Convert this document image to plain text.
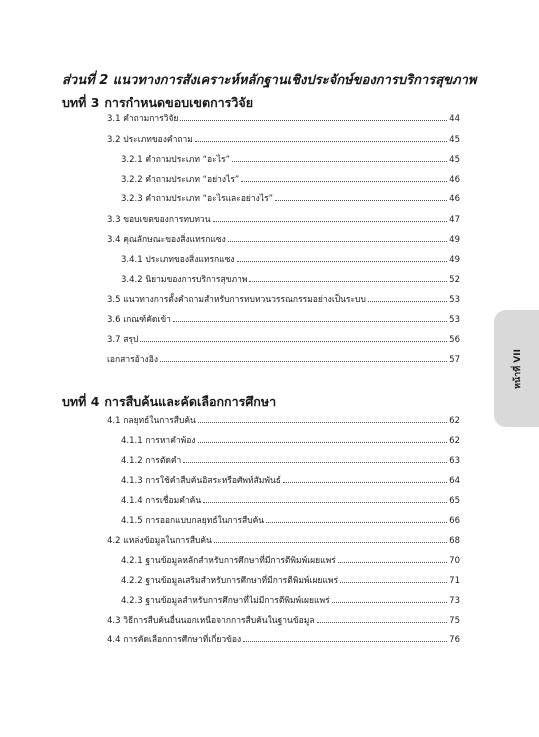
ส่วนที่ 2 แนวทางการสังเคราะห์หลักฐานเชิงประจักษ์ของการบริการสุขภาพ
บทที่ 3 การกำหนดขอบเขตการวิจัย
บทที่ 4 การสืบค้นและคัดเลือกการศึกษา
3.1 คำถามการวิจัย	44
3.2 ประเภทของคำถาม	45
3.2.1 คำถามประเภท “อะไร”	45
3.2.2 คำถามประเภท “อย่างไร”	46
3.2.3 คำถามประเภท “อะไรและอย่างไร”	46
3.3 ขอบเขตของการทบทวน	47
3.4 คุณลักษณะของสิ่งแทรกแซง	49
3.4.1 ประเภทของสิ่งแทรกแซง	49
3.4.2 นิยามของการบริการสุขภาพ	52
3.5 แนวทางการตั้งคำถามสำหรับการทบทวนวรรณกรรมอย่างเป็นระบบ	53
3.6 เกณฑ์คัดเข้า	53
3.7 สรุป	56
เอกสารอ้างอิง	57
4.1 กลยุทธ์ในการสืบค้น	62
4.1.1 การหาคำพ้อง	62
4.1.2 การตัดคำ	63
4.1.3 การใช้คำสืบค้นอิสระหรือศัพท์สัมพันธ์	64
4.1.4 การเชื่อมคำค้น	65
4.1.5 การออกแบบกลยุทธ์ในการสืบค้น	66
4.2 แหล่งข้อมูลในการสืบค้น	68
4.2.1 ฐานข้อมูลหลักสำหรับการศึกษาที่มีการตีพิมพ์เผยแพร่	70
4.2.2 ฐานข้อมูลเสริมสำหรับการศึกษาที่มีการตีพิมพ์เผยแพร่	71
4.2.3 ฐานข้อมูลสำหรับการศึกษาที่ไม่มีการตีพิมพ์เผยแพร่	73
4.3 วิธีการสืบค้นอื่นนอกเหนือจากการสืบค้นในฐานข้อมูล	75
4.4 การคัดเลือกการศึกษาที่เกี่ยวข้อง	76
หน้าที่ VII
